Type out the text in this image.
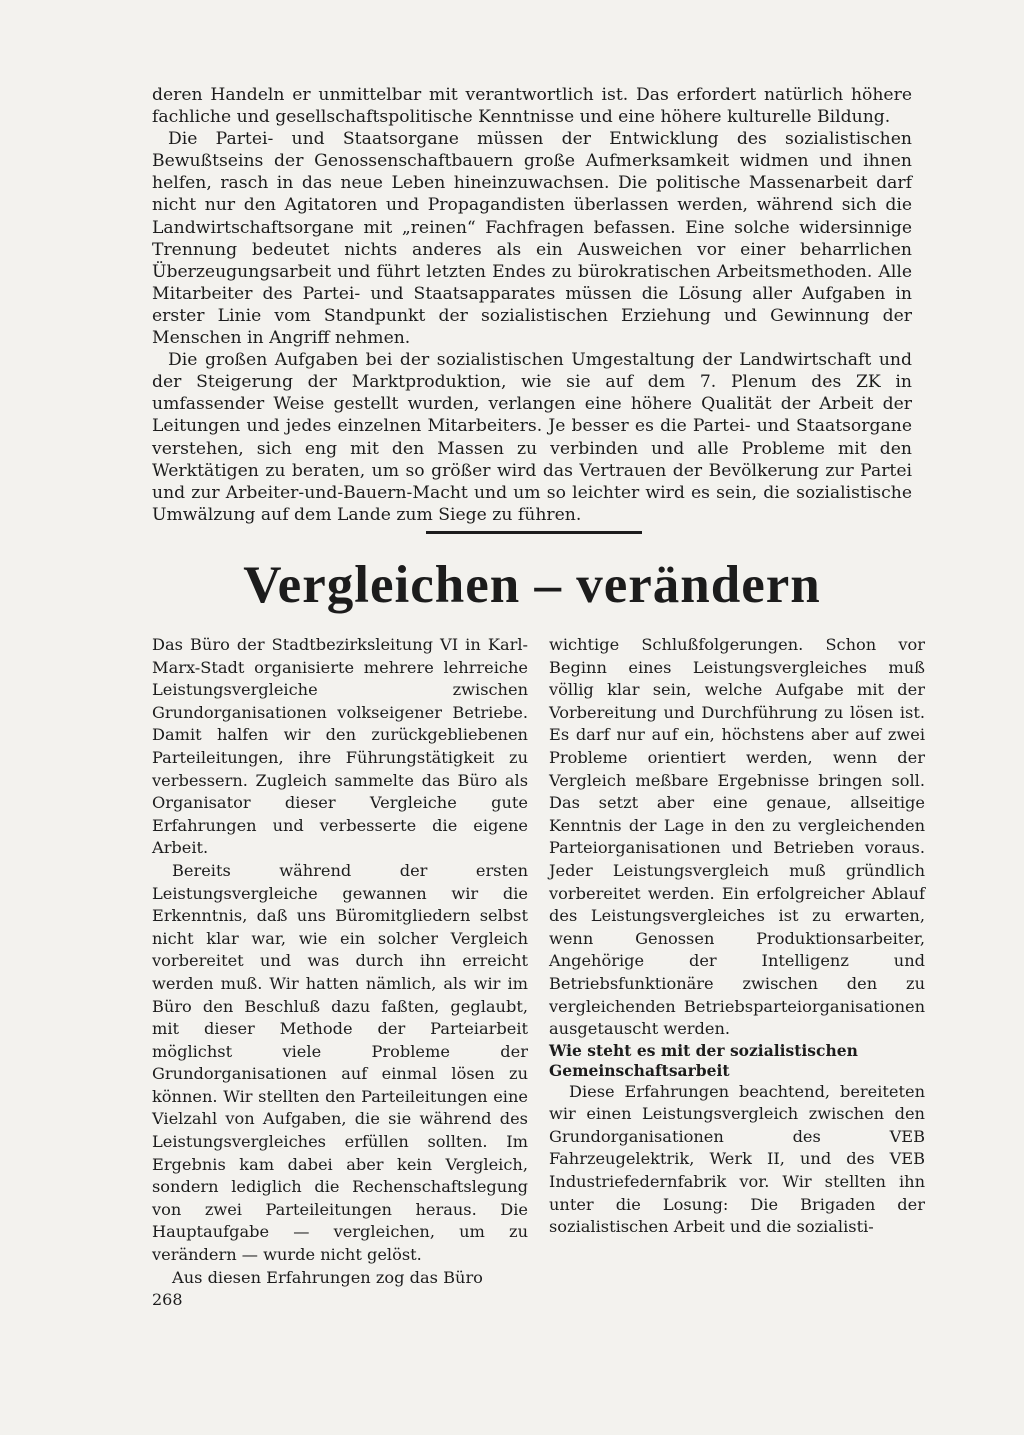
deren Handeln er unmittelbar mit verantwortlich ist. Das erfordert natürlich höhere fachliche und gesellschaftspolitische Kenntnisse und eine höhere kulturelle Bildung.

Die Partei- und Staatsorgane müssen der Entwicklung des sozialistischen Bewußtseins der Genossenschaftbauern große Aufmerksamkeit widmen und ihnen helfen, rasch in das neue Leben hineinzuwachsen. Die politische Massenarbeit darf nicht nur den Agitatoren und Propagandisten überlassen werden, während sich die Landwirtschaftsorgane mit „reinen“ Fachfragen befassen. Eine solche widersinnige Trennung bedeutet nichts anderes als ein Ausweichen vor einer beharrlichen Überzeugungsarbeit und führt letzten Endes zu bürokratischen Arbeitsmethoden. Alle Mitarbeiter des Partei- und Staatsapparates müssen die Lösung aller Aufgaben in erster Linie vom Standpunkt der sozialistischen Erziehung und Gewinnung der Menschen in Angriff nehmen.

Die großen Aufgaben bei der sozialistischen Umgestaltung der Landwirtschaft und der Steigerung der Marktproduktion, wie sie auf dem 7. Plenum des ZK in umfassender Weise gestellt wurden, verlangen eine höhere Qualität der Arbeit der Leitungen und jedes einzelnen Mitarbeiters. Je besser es die Partei- und Staatsorgane verstehen, sich eng mit den Massen zu verbinden und alle Probleme mit den Werktätigen zu beraten, um so größer wird das Vertrauen der Bevölkerung zur Partei und zur Arbeiter-und-Bauern-Macht und um so leichter wird es sein, die sozialistische Umwälzung auf dem Lande zum Siege zu führen.

Vergleichen – verändern

Das Büro der Stadtbezirksleitung VI in Karl-Marx-Stadt organisierte mehrere lehrreiche Leistungsvergleiche zwischen Grundorganisationen volkseigener Betriebe. Damit halfen wir den zurückgebliebenen Parteileitungen, ihre Führungstätigkeit zu verbessern. Zugleich sammelte das Büro als Organisator dieser Vergleiche gute Erfahrungen und verbesserte die eigene Arbeit.

Bereits während der ersten Leistungsvergleiche gewannen wir die Erkenntnis, daß uns Büromitgliedern selbst nicht klar war, wie ein solcher Vergleich vorbereitet und was durch ihn erreicht werden muß. Wir hatten nämlich, als wir im Büro den Beschluß dazu faßten, geglaubt, mit dieser Methode der Parteiarbeit möglichst viele Probleme der Grundorganisationen auf einmal lösen zu können. Wir stellten den Parteileitungen eine Vielzahl von Aufgaben, die sie während des Leistungsvergleiches erfüllen sollten. Im Ergebnis kam dabei aber kein Vergleich, sondern lediglich die Rechenschaftslegung von zwei Parteileitungen heraus. Die Hauptaufgabe — vergleichen, um zu verändern — wurde nicht gelöst.

Aus diesen Erfahrungen zog das Büro

wichtige Schlußfolgerungen. Schon vor Beginn eines Leistungsvergleiches muß völlig klar sein, welche Aufgabe mit der Vorbereitung und Durchführung zu lösen ist. Es darf nur auf ein, höchstens aber auf zwei Probleme orientiert werden, wenn der Vergleich meßbare Ergebnisse bringen soll. Das setzt aber eine genaue, allseitige Kenntnis der Lage in den zu vergleichenden Parteiorganisationen und Betrieben voraus. Jeder Leistungsvergleich muß gründlich vorbereitet werden. Ein erfolgreicher Ablauf des Leistungsvergleiches ist zu erwarten, wenn Genossen Produktionsarbeiter, Angehörige der Intelligenz und Betriebsfunktionäre zwischen den zu vergleichenden Betriebsparteiorganisationen ausgetauscht werden.

Wie steht es mit der sozialistischen Gemeinschaftsarbeit

Diese Erfahrungen beachtend, bereiteten wir einen Leistungsvergleich zwischen den Grundorganisationen des VEB Fahrzeugelektrik, Werk II, und des VEB Industriefedernfabrik vor. Wir stellten ihn unter die Losung: Die Brigaden der sozialistischen Arbeit und die sozialisti-

268
